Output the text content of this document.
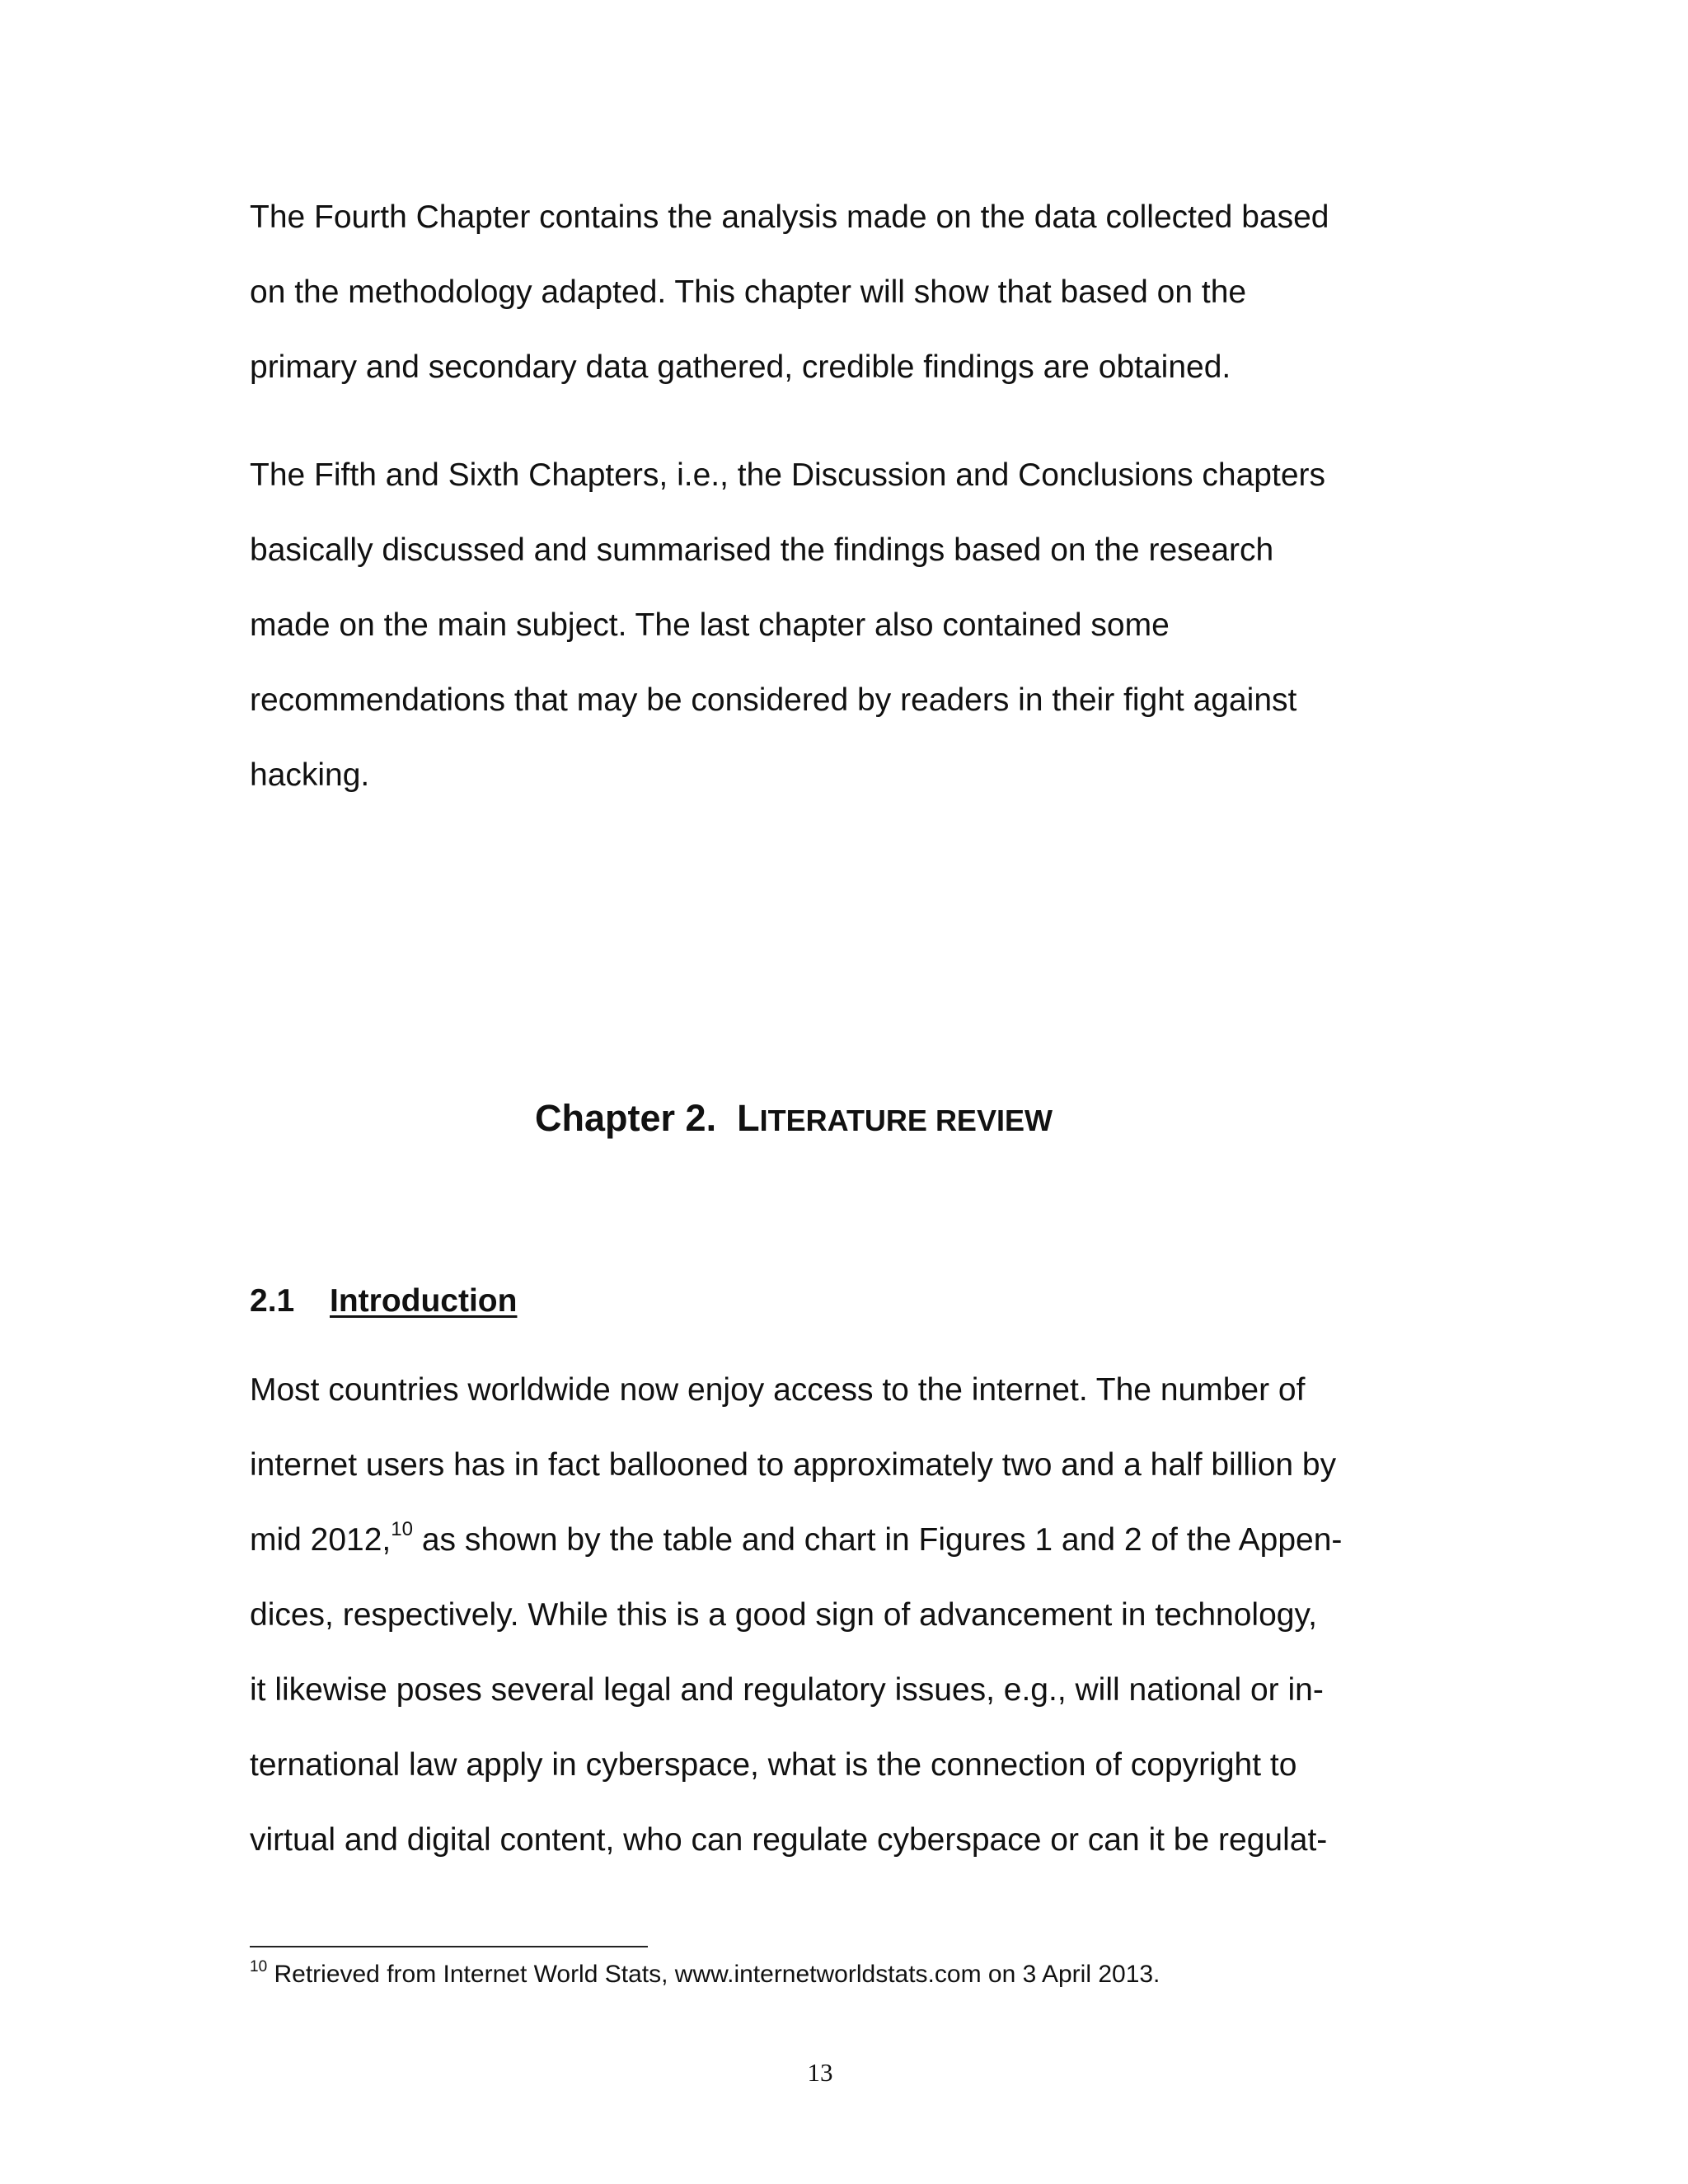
The Fourth Chapter contains the analysis made on the data collected based

on the methodology adapted. This chapter will show that based on the

primary and secondary data gathered, credible findings are obtained.

The Fifth and Sixth Chapters, i.e., the Discussion and Conclusions chapters

basically discussed and summarised the findings based on the research

made on the main subject. The last chapter also contained some

recommendations that may be considered by readers in their fight against

hacking.

Chapter 2. LITERATURE REVIEW
2.1 Introduction

Most countries worldwide now enjoy access to the internet. The number of

internet users has in fact ballooned to approximately two and a half billion by

mid 2012,10 as shown by the table and chart in Figures 1 and 2 of the Appen-

dices, respectively. While this is a good sign of advancement in technology,

it likewise poses several legal and regulatory issues, e.g., will national or in-

ternational law apply in cyberspace, what is the connection of copyright to

virtual and digital content, who can regulate cyberspace or can it be regulat-

$^{10}$ Retrieved from Internet World Stats, www.internetworldstats.com on 3 April 2013.
13
